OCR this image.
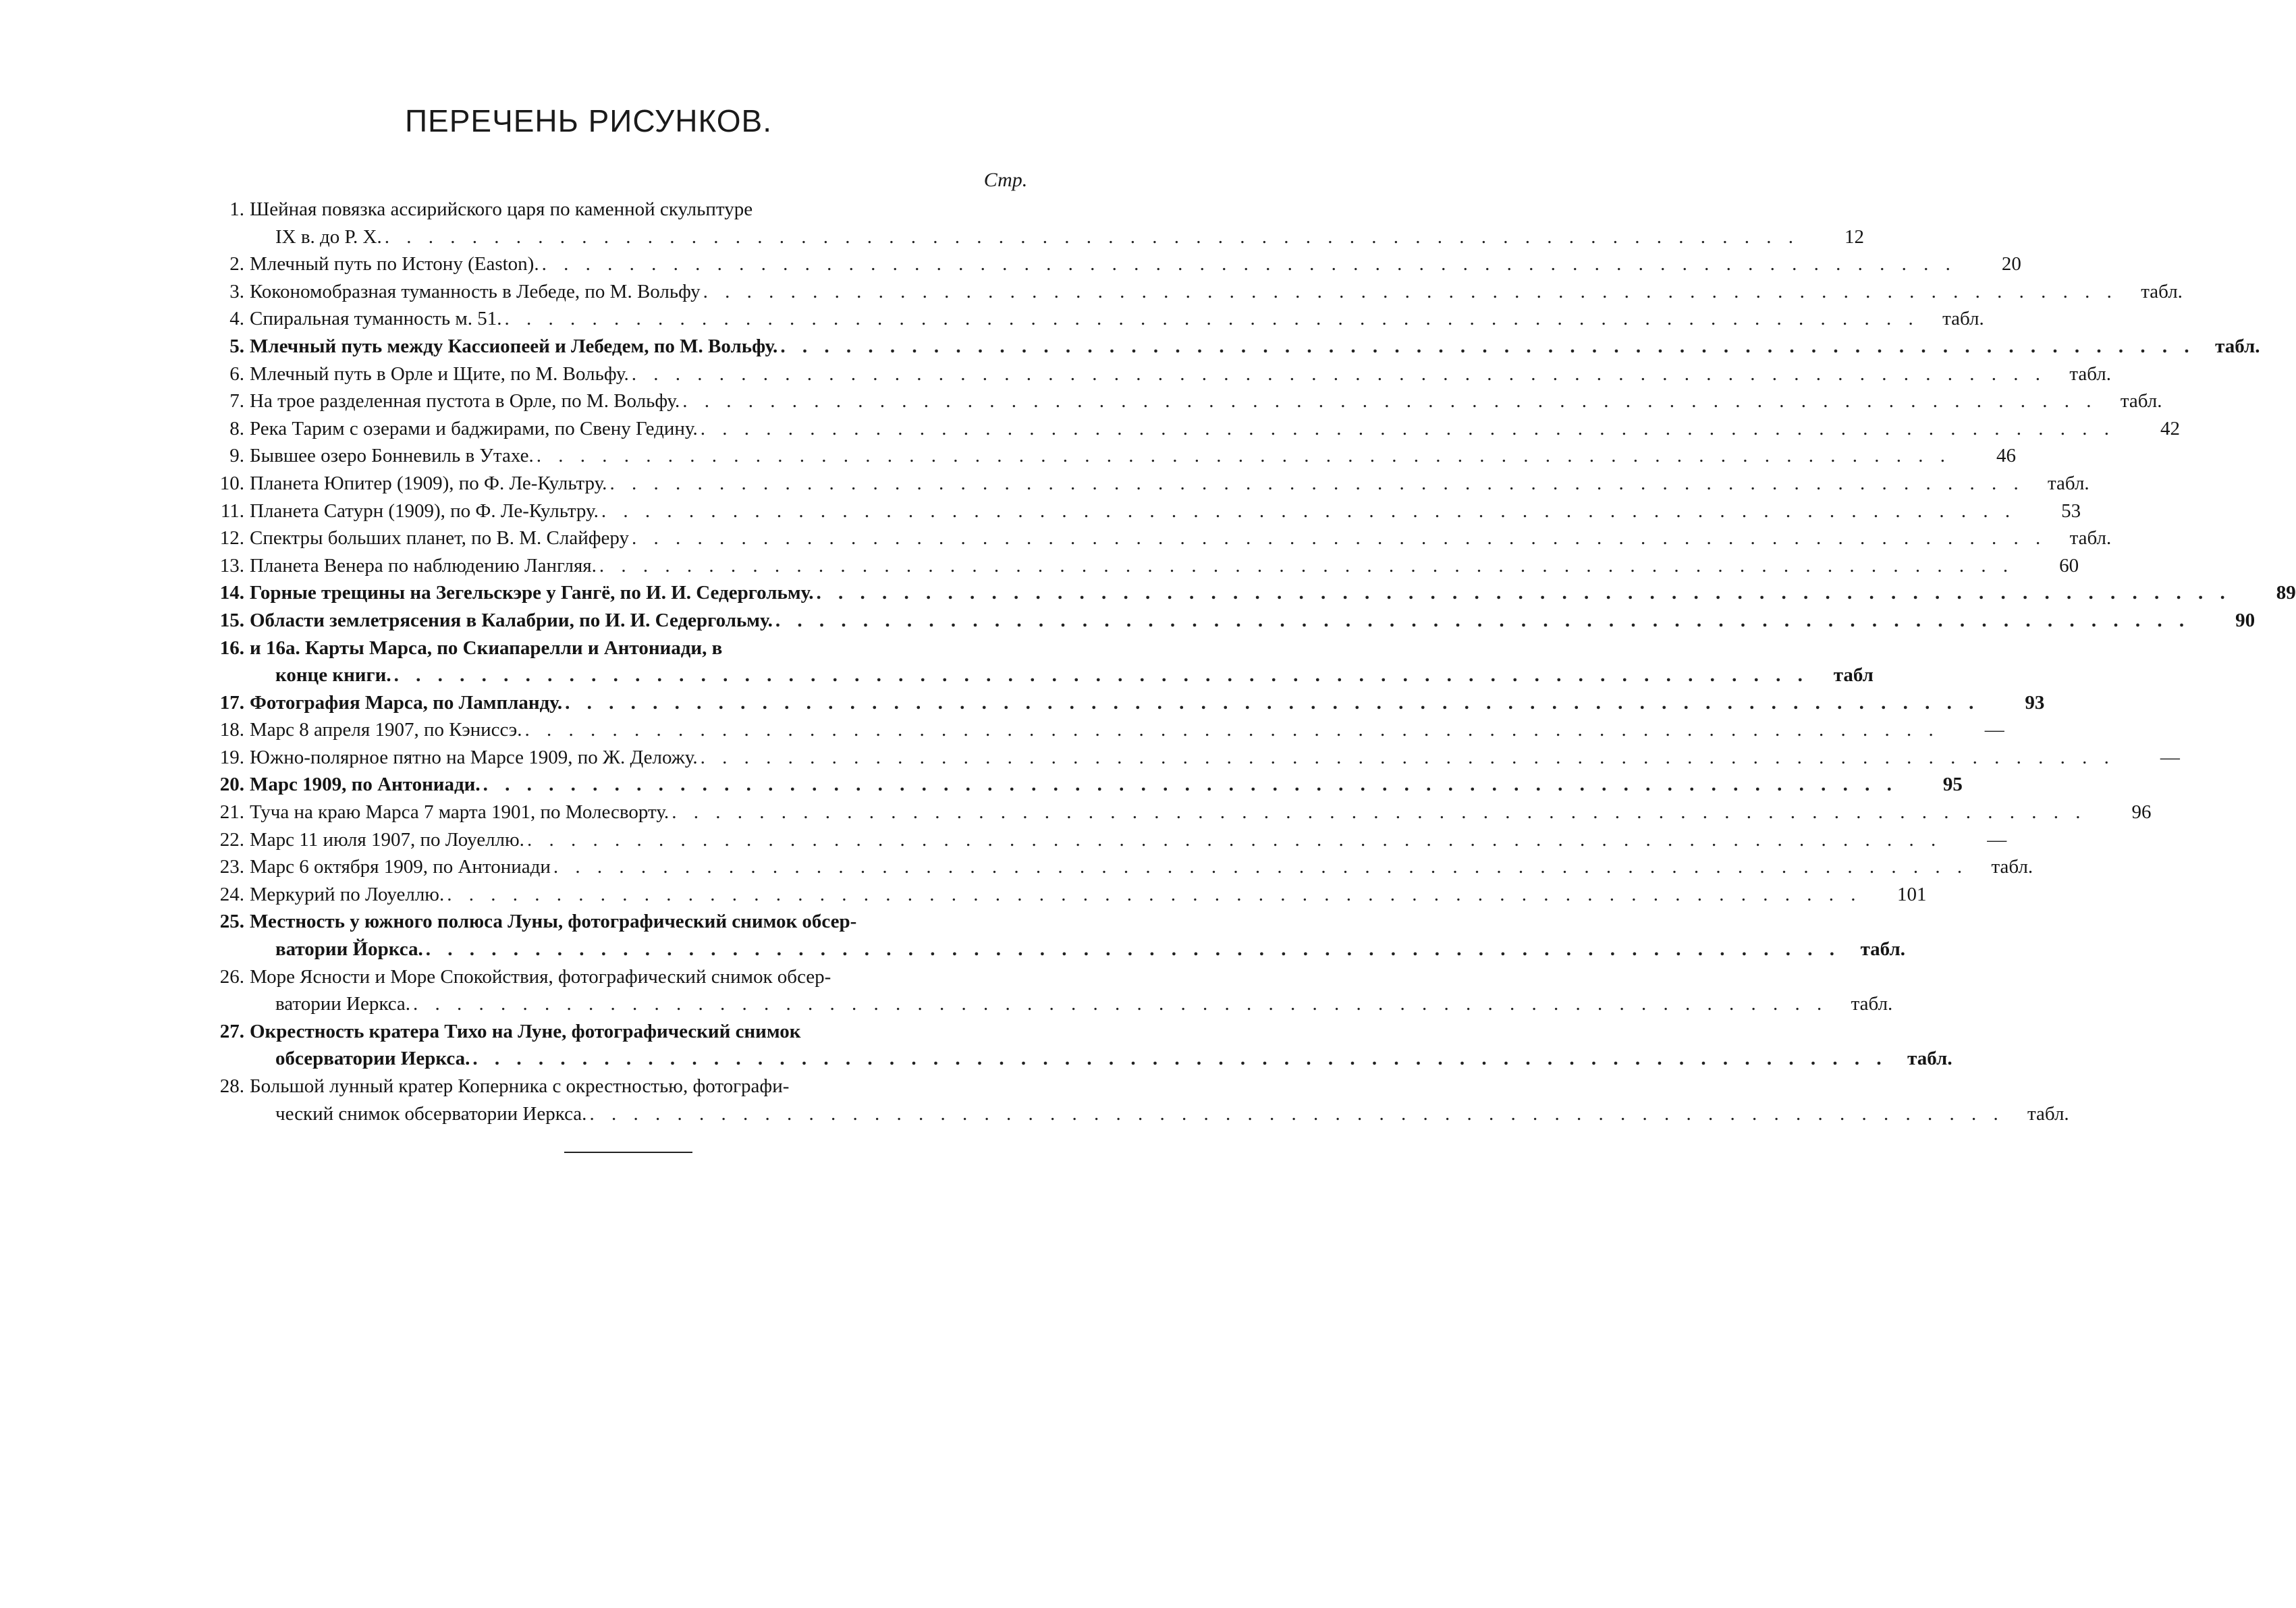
ПЕРЕЧЕНЬ РИСУНКОВ.
Стр.
1. Шейная повязка ассирийского царя по каменной скульптуре
IX в. до Р. Х. . . .	12
2. Млечный путь по Истону (Easton). . . .	20
3. Кокономобразная туманность в Лебеде, по М. Вольфу . . .	табл.
4. Спиральная туманность м. 51. . . .	табл.
5. Млечный путь между Кассиопеей и Лебедем, по М. Вольфу. . . .	табл.
6. Млечный путь в Орле и Щите, по М. Вольфу. . . .	табл.
7. На трое разделенная пустота в Орле, по М. Вольфу. . . .	табл.
8. Река Тарим с озерами и баджирами, по Свену Гедину. . . .	42
9. Бывшее озеро Бонневиль в Утахе. . . .	46
10. Планета Юпитер (1909), по Ф. Ле-Культру. . . .	табл.
11. Планета Сатурн (1909), по Ф. Ле-Культру. . . .	53
12. Спектры больших планет, по В. М. Слайферу . . .	табл.
13. Планета Венера по наблюдению Лангляя. . . .	60
14. Горные трещины на Зегельскэре у Гангё, по И. И. Седергольму. . . .	89
15. Области землетрясения в Калабрии, по И. И. Седергольму. . . .	90
16. и 16а. Карты Марса, по Скиапарелли и Антониади, в
конце книги. . . .	табл
17. Фотография Марса, по Лампланду. . . .	93
18. Марс 8 апреля 1907, по Кэниссэ. . . .	—
19. Южно-полярное пятно на Марсе 1909, по Ж. Деложу. . . .	—
20. Марс 1909, по Антониади. . . .	95
21. Туча на краю Марса 7 марта 1901, по Молесворту. . . .	96
22. Марс 11 июля 1907, по Лоуеллю. . . .	—
23. Марс 6 октября 1909, по Антониади . . .	табл.
24. Меркурий по Лоуеллю. . . .	101
25. Местность у южного полюса Луны, фотографический снимок обсер-
ватории Йоркса. . . .	табл.
26. Море Ясности и Море Спокойствия, фотографический снимок обсер-
ватории Иеркса. . . .	табл.
27. Окрестность кратера Тихо на Луне, фотографический снимок
обсерватории Иеркса. . . .	табл.
28. Большой лунный кратер Коперника с окрестностью, фотографи-
ческий снимок обсерватории Иеркса. . . .	табл.
